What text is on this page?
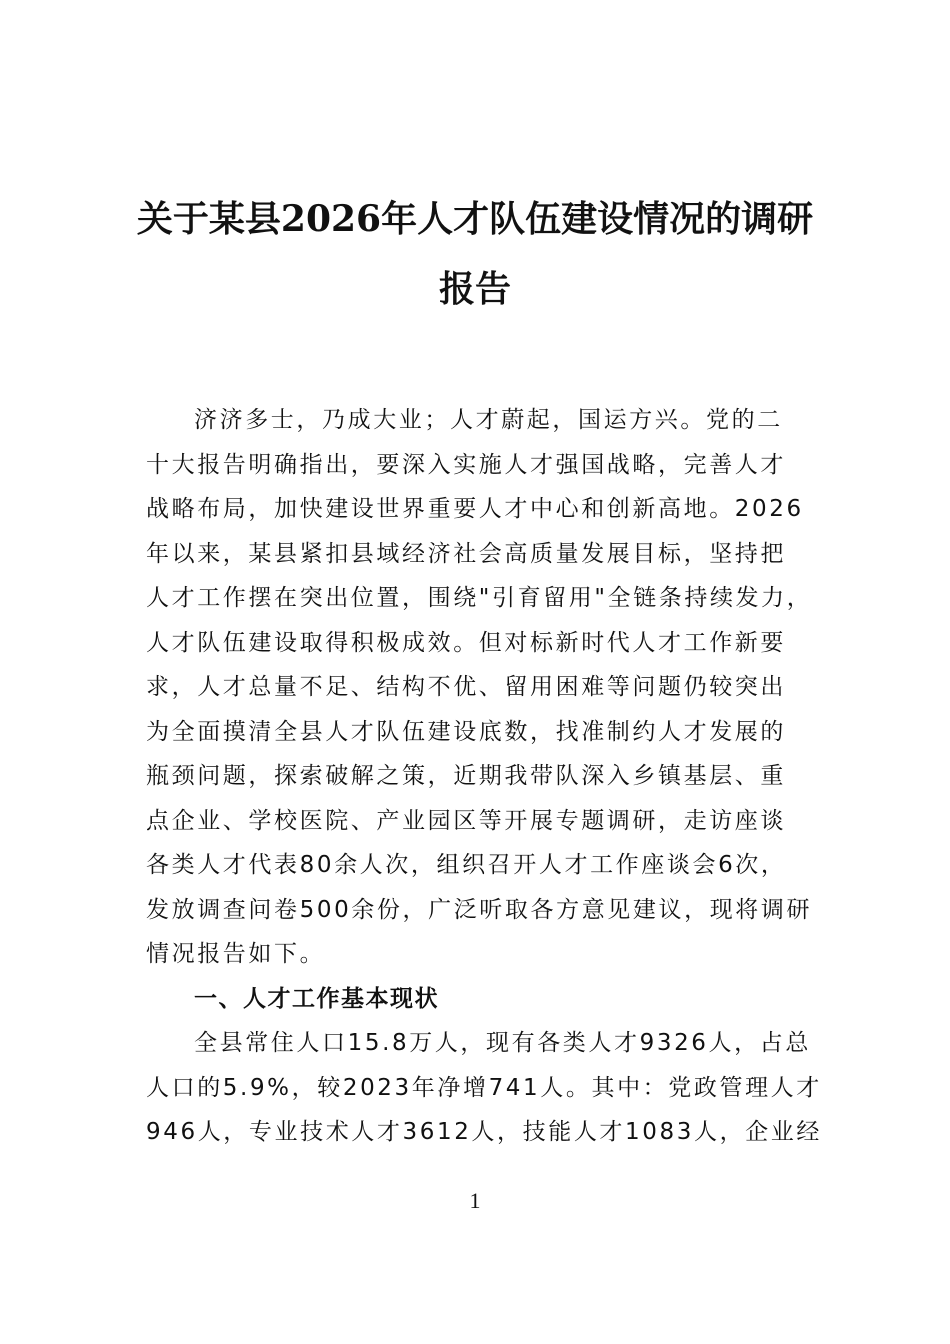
关于某县2026年人才队伍建设情况的调研
报告
济济多士，乃成大业；人才蔚起，国运方兴。党的二
十大报告明确指出，要深入实施人才强国战略，完善人才
战略布局，加快建设世界重要人才中心和创新高地。2026
年以来，某县紧扣县域经济社会高质量发展目标，坚持把
人才工作摆在突出位置，围绕"引育留用"全链条持续发力，
人才队伍建设取得积极成效。但对标新时代人才工作新要
求，人才总量不足、结构不优、留用困难等问题仍较突出
为全面摸清全县人才队伍建设底数，找准制约人才发展的
瓶颈问题，探索破解之策，近期我带队深入乡镇基层、重
点企业、学校医院、产业园区等开展专题调研，走访座谈
各类人才代表80余人次，组织召开人才工作座谈会6次，
发放调查问卷500余份，广泛听取各方意见建议，现将调研
情况报告如下。
一、人才工作基本现状
全县常住人口15.8万人，现有各类人才9326人，占总
人口的5.9%，较2023年净增741人。其中：党政管理人才
946人，专业技术人才3612人，技能人才1083人，企业经
1
